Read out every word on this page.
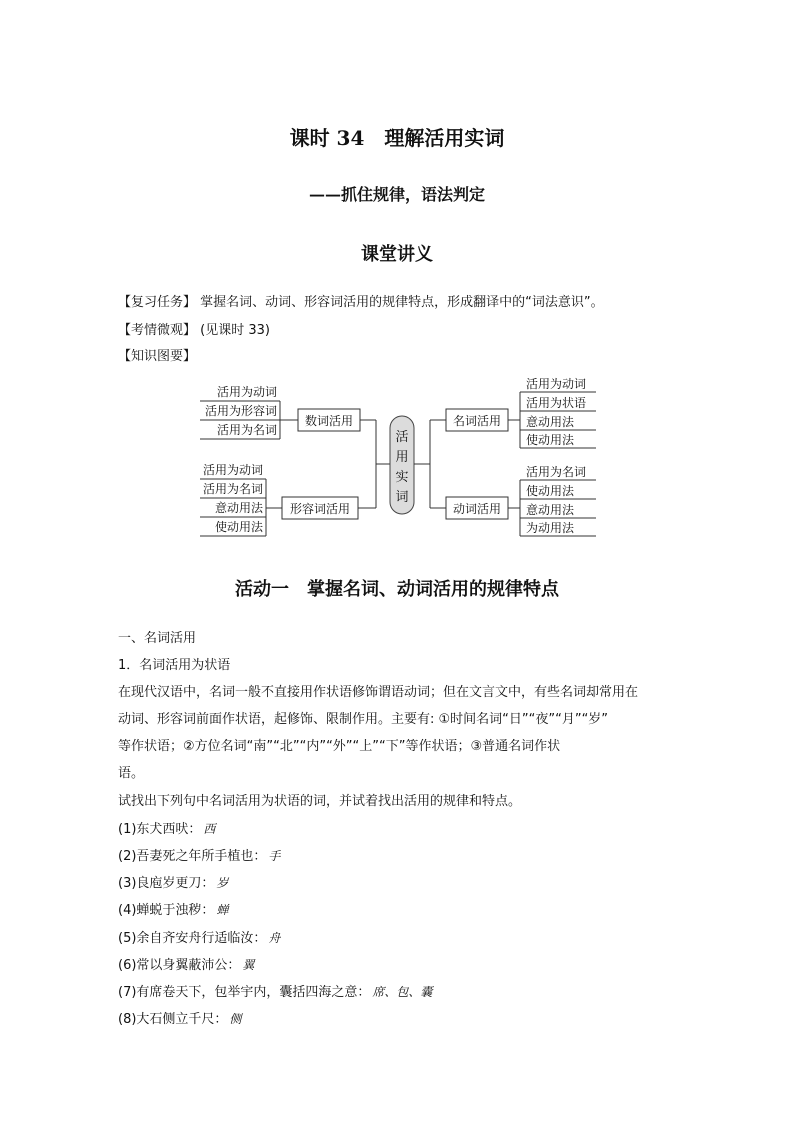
课时 34　理解活用实词
——抓住规律，语法判定
课堂讲义
【复习任务】 掌握名词、动词、形容词活用的规律特点，形成翻译中的“词法意识”。
【考情微观】 (见课时 33)
【知识图要】
活用为动词
活用为形容词
活用为名词
数词活用
活用为动词
活用为名词
意动用法
使动用法
形容词活用
活
用
实
词
名词活用
活用为动词
活用为状语
意动用法
使动用法
动词活用
活用为名词
使动用法
意动用法
为动用法
活动一　掌握名词、动词活用的规律特点
一、名词活用
1．名词活用为状语
在现代汉语中，名词一般不直接用作状语修饰谓语动词；但在文言文中，有些名词却常用在
动词、形容词前面作状语，起修饰、限制作用。主要有: ①时间名词“日”“夜”“月”“岁”
等作状语；②方位名词“南”“北”“内”“外”“上”“下”等作状语；③普通名词作状
语。
试找出下列句中名词活用为状语的词，并试着找出活用的规律和特点。
(1)东犬西吠： 西
(2)吾妻死之年所手植也： 手
(3)良庖岁更刀： 岁
(4)蝉蜕于浊秽： 蝉
(5)余自齐安舟行适临汝： 舟
(6)常以身翼蔽沛公： 翼
(7)有席卷天下，包举宇内，囊括四海之意： 席、包、囊
(8)大石侧立千尺： 侧
